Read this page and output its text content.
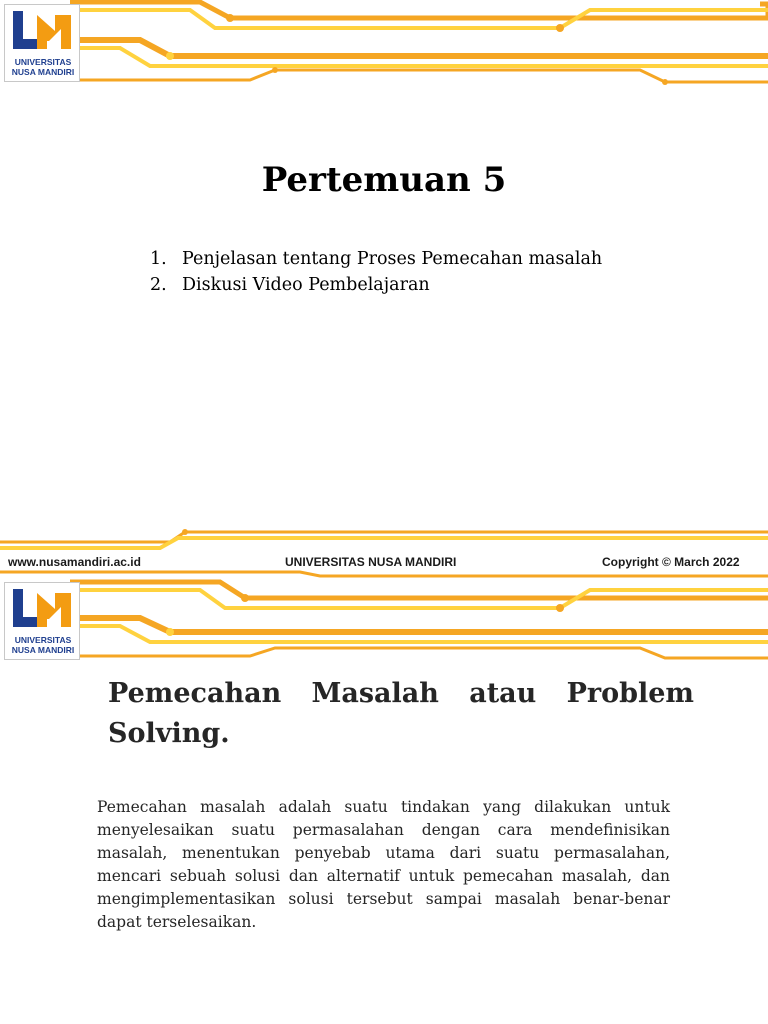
UNIVERSITAS
NUSA MANDIRI
Pertemuan 5
1. Penjelasan tentang Proses Pemecahan masalah
2. Diskusi Video Pembelajaran
www.nusamandiri.ac.id	UNIVERSITAS NUSA MANDIRI	Copyright © March 2022
UNIVERSITAS
NUSA MANDIRI
Pemecahan Masalah atau Problem Solving.

Pemecahan masalah adalah suatu tindakan yang dilakukan untuk menyelesaikan suatu permasalahan dengan cara mendefinisikan masalah, menentukan penyebab utama dari suatu permasalahan, mencari sebuah solusi dan alternatif untuk pemecahan masalah, dan mengimplementasikan solusi tersebut sampai masalah benar-benar dapat terselesaikan.
